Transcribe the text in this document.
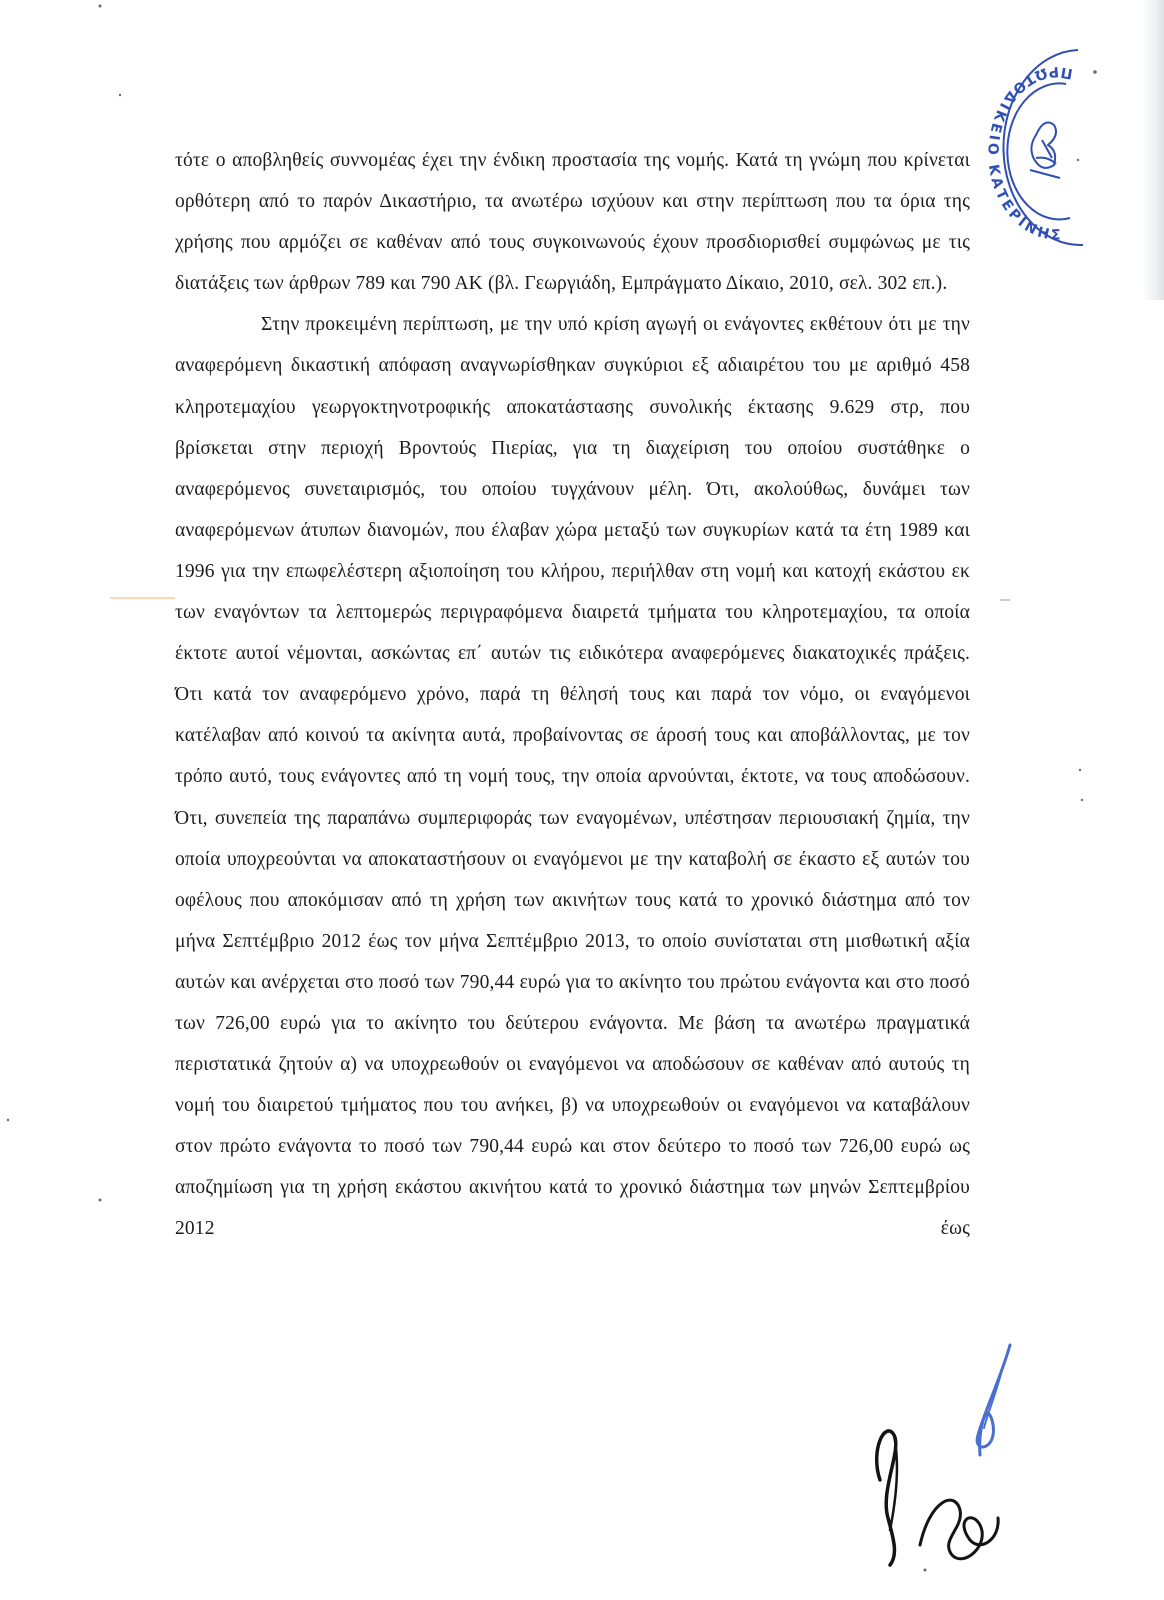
τότε ο αποβληθείς συννομέας έχει την ένδικη προστασία της νομής. Κατά τη γνώμη που κρίνεται ορθότερη από το παρόν Δικαστήριο, τα ανωτέρω ισχύουν και στην περίπτωση που τα όρια της χρήσης που αρμόζει σε καθέναν από τους συγκοινωνούς έχουν προσδιορισθεί συμφώνως με τις διατάξεις των άρθρων 789 και 790 ΑΚ (βλ. Γεωργιάδη, Εμπράγματο Δίκαιο, 2010, σελ. 302 επ.).

Στην προκειμένη περίπτωση, με την υπό κρίση αγωγή οι ενάγοντες εκθέτουν ότι με την αναφερόμενη δικαστική απόφαση αναγνωρίσθηκαν συγκύριοι εξ αδιαιρέτου του με αριθμό 458 κληροτεμαχίου γεωργοκτηνοτροφικής αποκατάστασης συνολικής έκτασης 9.629 στρ, που βρίσκεται στην περιοχή Βροντούς Πιερίας, για τη διαχείριση του οποίου συστάθηκε ο αναφερόμενος συνεταιρισμός, του οποίου τυγχάνουν μέλη. Ότι, ακολούθως, δυνάμει των αναφερόμενων άτυπων διανομών, που έλαβαν χώρα μεταξύ των συγκυρίων κατά τα έτη 1989 και 1996 για την επωφελέστερη αξιοποίηση του κλήρου, περιήλθαν στη νομή και κατοχή εκάστου εκ των εναγόντων τα λεπτομερώς περιγραφόμενα διαιρετά τμήματα του κληροτεμαχίου, τα οποία έκτοτε αυτοί νέμονται, ασκώντας επ΄ αυτών τις ειδικότερα αναφερόμενες διακατοχικές πράξεις. Ότι κατά τον αναφερόμενο χρόνο, παρά τη θέλησή τους και παρά τον νόμο, οι εναγόμενοι κατέλαβαν από κοινού τα ακίνητα αυτά, προβαίνοντας σε άροσή τους και αποβάλλοντας, με τον τρόπο αυτό, τους ενάγοντες από τη νομή τους, την οποία αρνούνται, έκτοτε, να τους αποδώσουν. Ότι, συνεπεία της παραπάνω συμπεριφοράς των εναγομένων, υπέστησαν περιουσιακή ζημία, την οποία υποχρεούνται να αποκαταστήσουν οι εναγόμενοι με την καταβολή σε έκαστο εξ αυτών του οφέλους που αποκόμισαν από τη χρήση των ακινήτων τους κατά το χρονικό διάστημα από τον μήνα Σεπτέμβριο 2012 έως τον μήνα Σεπτέμβριο 2013, το οποίο συνίσταται στη μισθωτική αξία αυτών και ανέρχεται στο ποσό των 790,44 ευρώ για το ακίνητο του πρώτου ενάγοντα και στο ποσό των 726,00 ευρώ για το ακίνητο του δεύτερου ενάγοντα. Με βάση τα ανωτέρω πραγματικά περιστατικά ζητούν α) να υποχρεωθούν οι εναγόμενοι να αποδώσουν σε καθέναν από αυτούς τη νομή του διαιρετού τμήματος που του ανήκει, β) να υποχρεωθούν οι εναγόμενοι να καταβάλουν στον πρώτο ενάγοντα το ποσό των 790,44 ευρώ και στον δεύτερο το ποσό των 726,00 ευρώ ως αποζημίωση για τη χρήση εκάστου ακινήτου κατά το χρονικό διάστημα των μηνών Σεπτεμβρίου 2012 έως

ΠΡΩΤΟΔΙΚΕΙΟ ΚΑΤΕΡΙΝΗΣ
